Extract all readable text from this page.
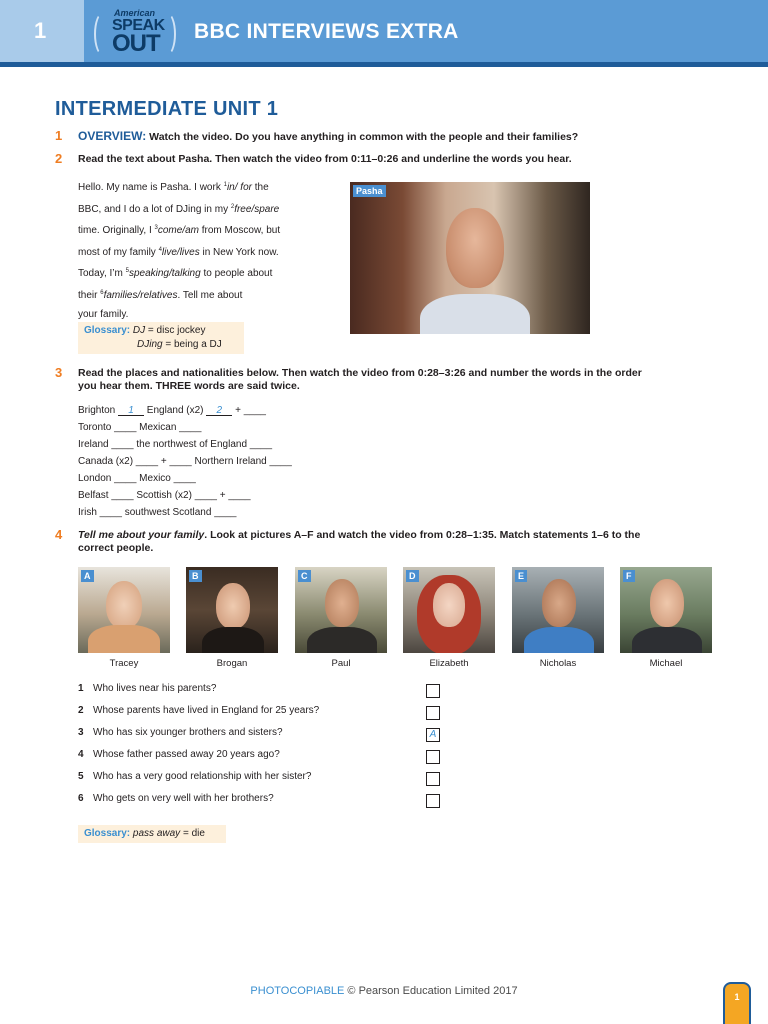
1
American
SPEAK
OUT BBC INTERVIEWS EXTRA
INTERMEDIATE UNIT 1
1 OVERVIEW: Watch the video. Do you have anything in common with the people and their families?
2 Read the text about Pasha. Then watch the video from 0:11–0:26 and underline the words you hear.
Hello. My name is Pasha. I work $^1$in/ for the
BBC, and I do a lot of DJing in my $^2$free/spare
time. Originally, I $^3$come/am from Moscow, but
most of my family $^4$live/lives in New York now.
Today, I’m $^5$speaking/talking to people about
their $^6$families/relatives. Tell me about
your family.
Pasha
Glossary: DJ = disc jockey
DJing = being a DJ
3 Read the places and nationalities below. Then watch the video from 0:28–3:26 and number the words in the order
you hear them. THREE words are said twice.
Brighton 1 England (x2) 2 + ____
Toronto ____ Mexican ____
Ireland ____ the northwest of England ____
Canada (x2) ____ + ____ Northern Ireland ____
London ____ Mexico ____
Belfast ____ Scottish (x2) ____ + ____
Irish ____ southwest Scotland ____
4 Tell me about your family. Look at pictures A–F and watch the video from 0:28–1:35. Match statements 1–6 to the
correct people.
A
Tracey
B
Brogan
C
Paul
D
Elizabeth
E
Nicholas
F
Michael
1 Who lives near his parents?
2 Whose parents have lived in England for 25 years?
3 Who has six younger brothers and sisters?	A
4 Whose father passed away 20 years ago?
5 Who has a very good relationship with her sister?
6 Who gets on very well with her brothers?
Glossary: pass away = die
PHOTOCOPIABLE © Pearson Education Limited 2017	1
